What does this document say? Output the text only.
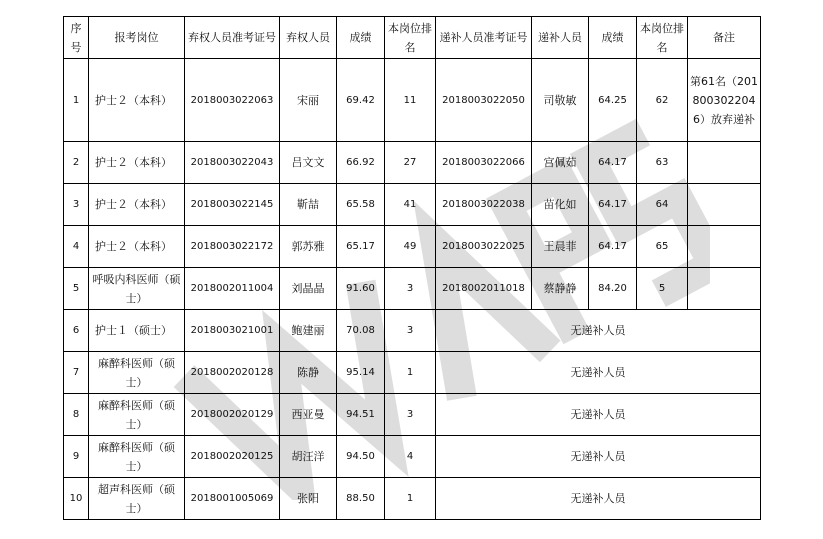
序号	报考岗位	弃权人员准考证号	弃权人员	成绩	本岗位排名	递补人员准考证号	递补人员	成绩	本岗位排名	备注
1	护士２（本科）	2018003022063	宋丽	69.42	11	2018003022050	司敬敏	64.25	62	第61名（2018003022046）放弃递补
2	护士２（本科）	2018003022043	吕文文	66.92	27	2018003022066	宫佩茹	64.17	63	
3	护士２（本科）	2018003022145	靳喆	65.58	41	2018003022038	苗化如	64.17	64	
4	护士２（本科）	2018003022172	郭苏雅	65.17	49	2018003022025	王晨菲	64.17	65	
5	呼吸内科医师（硕士）	2018002011004	刘晶晶	91.60	3	2018002011018	蔡静静	84.20	5	
6	护士１（硕士）	2018003021001	鲍建丽	70.08	3	无递补人员				
7	麻醉科医师（硕士）	2018002020128	陈静	95.14	1	无递补人员				
8	麻醉科医师（硕士）	2018002020129	西亚曼	94.51	3	无递补人员				
9	麻醉科医师（硕士）	2018002020125	胡汪洋	94.50	4	无递补人员				
10	超声科医师（硕士）	2018001005069	张阳	88.50	1	无递补人员				
